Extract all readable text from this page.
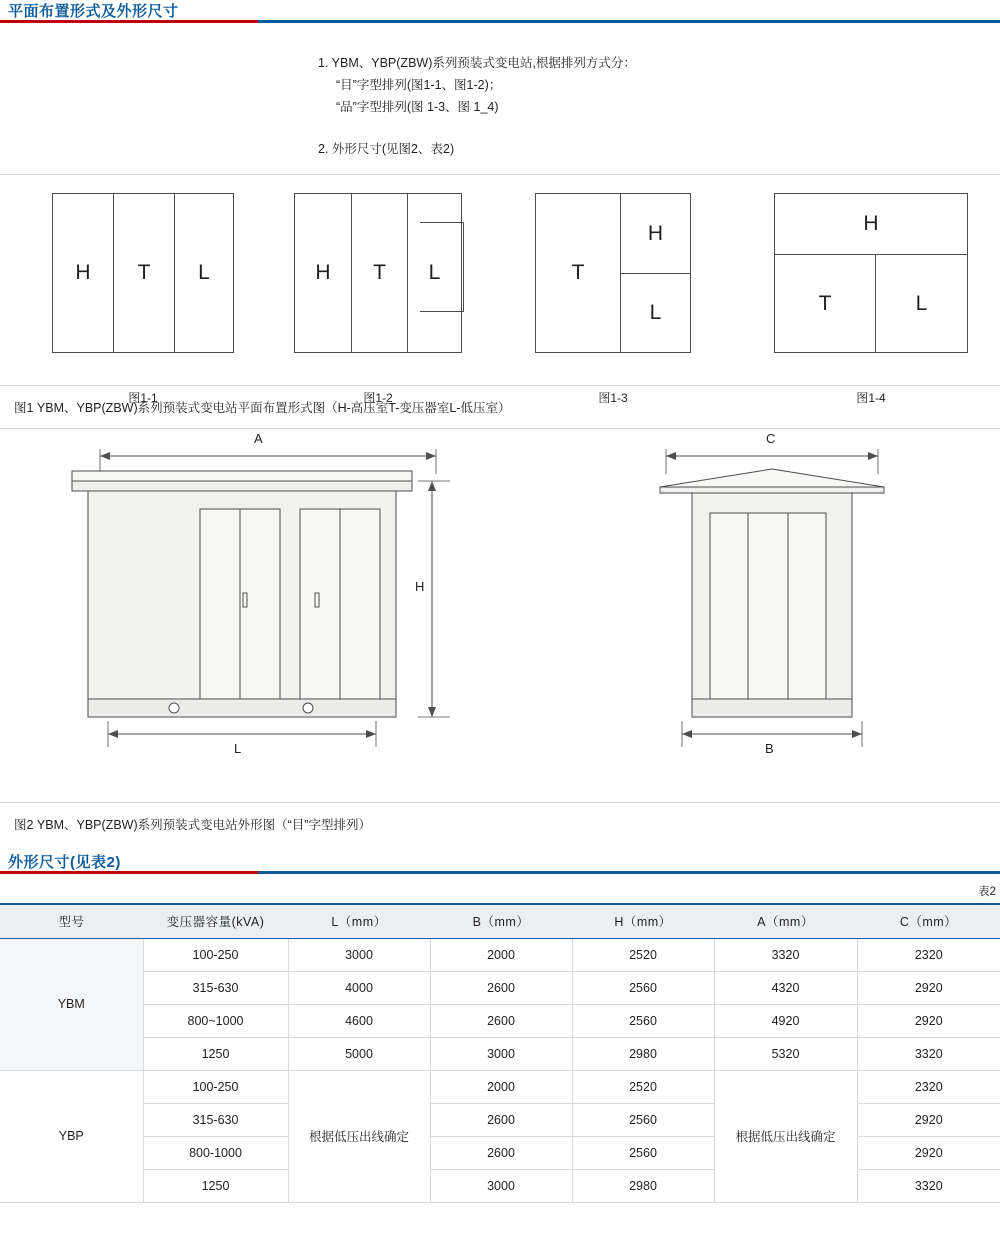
平面布置形式及外形尺寸
1. YBM、YBP(ZBW)系列预装式变电站,根据排列方式分：
“目”字型排列(图1-1、图1-2)；
“品”字型排列(图 1-3、图 1_4)
2. 外形尺寸(见图2、表2)
H	T	L
图1-1
H	T	L
图1-2
T
H
L
图1-3
H
T	L
图1-4
图1 YBM、YBP(ZBW)系列预装式变电站平面布置形式图（H-高压室T-变压器室L-低压室）
A
H
L
C
B
图2 YBM、YBP(ZBW)系列预装式变电站外形图（“目”字型排列）
外形尺寸(见表2)
表2
型号	变压器容量(kVA)	L（mm）	B（mm）	H（mm）	A（mm）	C（mm）
YBM	100-250	3000	2000	2520	3320	2320
	315-630	4000	2600	2560	4320	2920
	800~1000	4600	2600	2560	4920	2920
	1250	5000	3000	2980	5320	3320
YBP	100-250	根据低压出线确定	2000	2520	根据低压出线确定	2320
	315-630		2600	2560		2920
	800-1000		2600	2560		2920
	1250		3000	2980		3320
